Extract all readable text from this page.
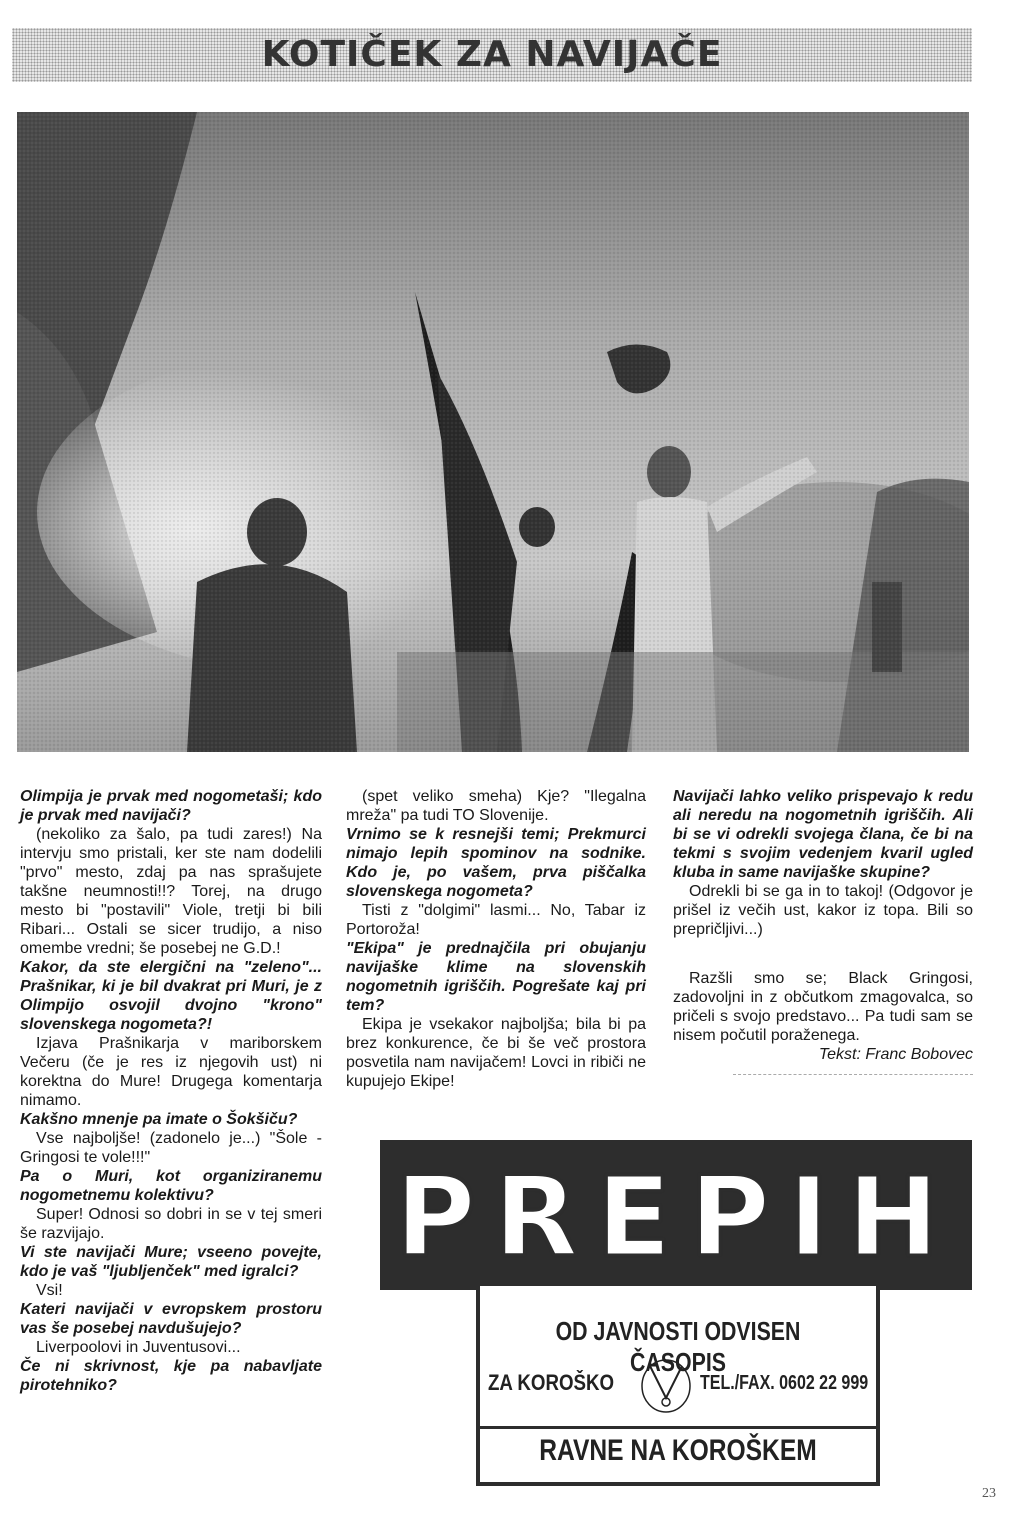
KOTIČEK ZA NAVIJAČE

Olimpija je prvak med nogometaši; kdo je prvak med navijači?

(nekoliko za šalo, pa tudi zares!) Na intervju smo pristali, ker ste nam dodelili "prvo" mesto, zdaj pa nas sprašujete takšne neumnosti!!? Torej, na drugo mesto bi "postavili" Viole, tretji bi bili Ribari... Ostali se sicer trudijo, a niso omembe vredni; še posebej ne G.D.!

Kakor, da ste elergični na "zeleno"... Prašnikar, ki je bil dvakrat pri Muri, je z Olimpijo osvojil dvojno "krono" slovenskega nogometa?!

Izjava Prašnikarja v mariborskem Večeru (če je res iz njegovih ust) ni korektna do Mure! Drugega komentarja nimamo.

Kakšno mnenje pa imate o Šokšiču?

Vse najboljše! (zadonelo je...) "Šole - Gringosi te vole!!!"

Pa o Muri, kot organiziranemu nogometnemu kolektivu?

Super! Odnosi so dobri in se v tej smeri še razvijajo.

Vi ste navijači Mure; vseeno povejte, kdo je vaš "ljubljenček" med igralci?

Vsi!

Kateri navijači v evropskem prostoru vas še posebej navdušujejo?

Liverpoolovi in Juventusovi...

Če ni skrivnost, kje pa nabavljate pirotehniko?

(spet veliko smeha) Kje? "Ilegalna mreža" pa tudi TO Slovenije.

Vrnimo se k resnejši temi; Prekmurci nimajo lepih spominov na sodnike. Kdo je, po vašem, prva piščalka slovenskega nogometa?

Tisti z "dolgimi" lasmi... No, Tabar iz Portoroža!

"Ekipa" je prednajčila pri obujanju navijaške klime na slovenskih nogometnih igriščih. Pogrešate kaj pri tem?

Ekipa je vsekakor najboljša; bila bi pa brez konkurence, če bi še več prostora posvetila nam navijačem! Lovci in ribiči ne kupujejo Ekipe!

Navijači lahko veliko prispevajo k redu ali neredu na nogometnih igriščih. Ali bi se vi odrekli svojega člana, če bi na tekmi s svojim vedenjem kvaril ugled kluba in same navijaške skupine?

Odrekli bi se ga in to takoj! (Odgovor je prišel iz večih ust, kakor iz topa. Bili so prepričljivi...)

Razšli smo se; Black Gringosi, zadovoljni in z občutkom zmagovalca, so pričeli s svojo predstavo... Pa tudi sam se nisem počutil poraženega.

Tekst: Franc Bobovec

PREPIH
OD JAVNOSTI ODVISEN ČASOPIS
ZA KOROŠKO	TEL./FAX. 0602 22 999
RAVNE NA KOROŠKEM
23
